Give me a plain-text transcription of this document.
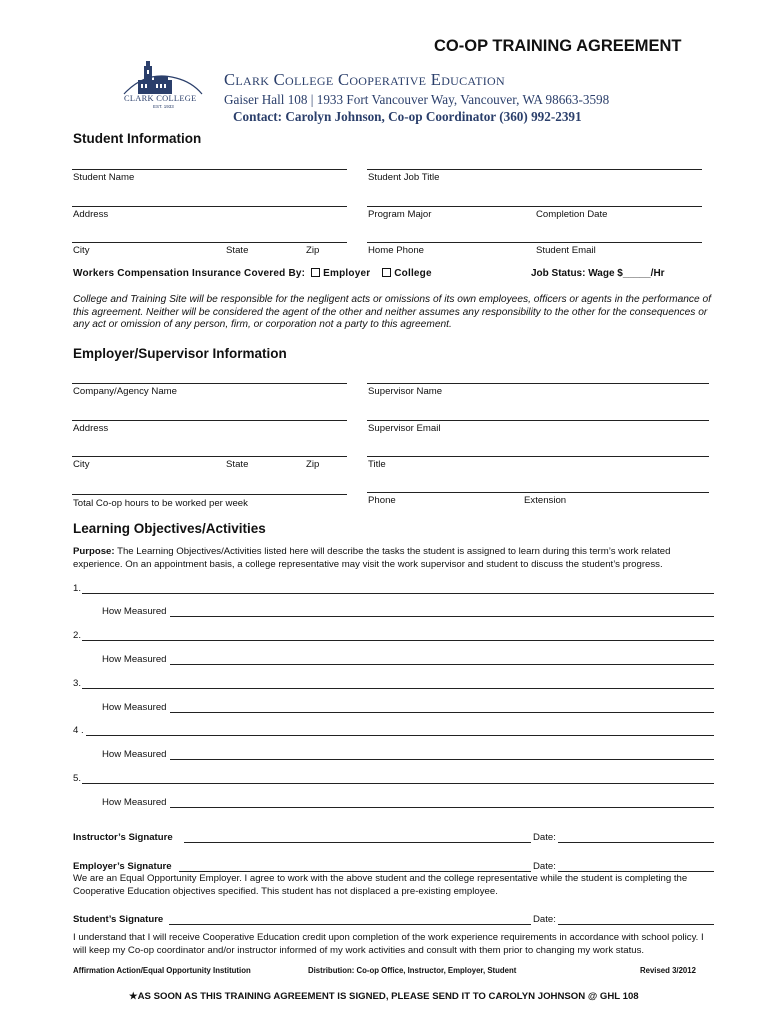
CO-OP TRAINING AGREEMENT
CLARK COLLEGE
EST. 1933
Clark College Cooperative Education
Gaiser Hall 108 | 1933 Fort Vancouver Way, Vancouver, WA 98663-3598
Contact: Carolyn Johnson, Co-op Coordinator (360) 992-2391
Student Information
Student Name	Student Job Title
Address	Program Major	Completion Date
City	State	Zip	Home Phone	Student Email
Workers Compensation Insurance Covered By: Employer College	Job Status: Wage $_____/Hr
College and Training Site will be responsible for the negligent acts or omissions of its own employees, officers or agents in the performance of this agreement. Neither will be considered the agent of the other and neither assumes any responsibility to the other for the consequences or any act or omission of any person, firm, or corporation not a party to this agreement.
Employer/Supervisor Information
Company/Agency Name	Supervisor Name
Address	Supervisor Email
City	State	Zip	Title
Total Co-op hours to be worked per week	Phone	Extension
Learning Objectives/Activities
Purpose: The Learning Objectives/Activities listed here will describe the tasks the student is assigned to learn during this term’s work related experience. On an appointment basis, a college representative may visit the work supervisor and student to discuss the student’s progress.
1.
How Measured
2.
How Measured
3.
How Measured
4 .
How Measured
5.
How Measured
Instructor’s Signature	Date:
Employer’s Signature	Date:
We are an Equal Opportunity Employer. I agree to work with the above student and the college representative while the student is completing the Cooperative Education objectives specified. This student has not displaced a pre-existing employee.
Student’s Signature	Date:
I understand that I will receive Cooperative Education credit upon completion of the work experience requirements in accordance with school policy. I will keep my Co-op coordinator and/or instructor informed of my work activities and consult with them prior to changing my work status.
Affirmation Action/Equal Opportunity Institution	Distribution: Co-op Office, Instructor, Employer, Student	Revised 3/2012
★AS SOON AS THIS TRAINING AGREEMENT IS SIGNED, PLEASE SEND IT TO CAROLYN JOHNSON @ GHL 108
